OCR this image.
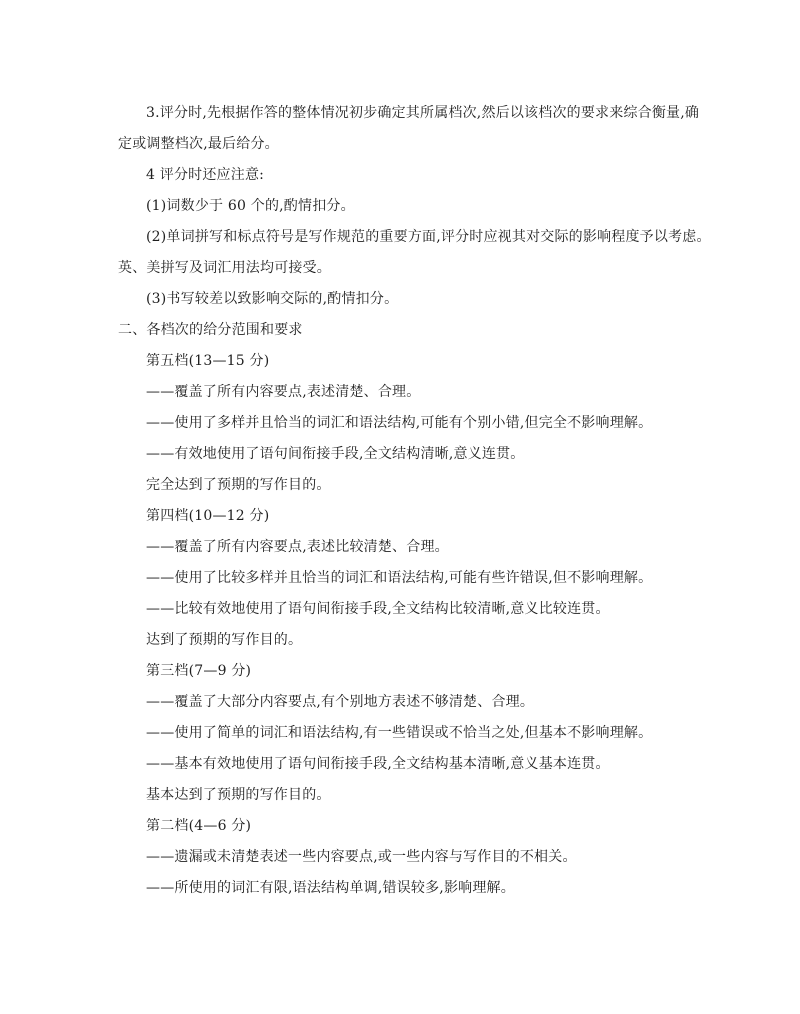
3.评分时,先根据作答的整体情况初步确定其所属档次,然后以该档次的要求来综合衡量,确
定或调整档次,最后给分。
4 评分时还应注意:
(1)词数少于 60 个的,酌情扣分。
(2)单词拼写和标点符号是写作规范的重要方面,评分时应视其对交际的影响程度予以考虑。
英、美拼写及词汇用法均可接受。
(3)书写较差以致影响交际的,酌情扣分。
二、各档次的给分范围和要求
第五档(13—15 分)
——覆盖了所有内容要点,表述清楚、合理。
——使用了多样并且恰当的词汇和语法结构,可能有个别小错,但完全不影响理解。
——有效地使用了语句间衔接手段,全文结构清晰,意义连贯。
完全达到了预期的写作目的。
第四档(10—12 分)
——覆盖了所有内容要点,表述比较清楚、合理。
——使用了比较多样并且恰当的词汇和语法结构,可能有些许错误,但不影响理解。
——比较有效地使用了语句间衔接手段,全文结构比较清晰,意义比较连贯。
达到了预期的写作目的。
第三档(7—9 分)
——覆盖了大部分内容要点,有个别地方表述不够清楚、合理。
——使用了简单的词汇和语法结构,有一些错误或不恰当之处,但基本不影响理解。
——基本有效地使用了语句间衔接手段,全文结构基本清晰,意义基本连贯。
基本达到了预期的写作目的。
第二档(4—6 分)
——遗漏或未清楚表述一些内容要点,或一些内容与写作目的不相关。
——所使用的词汇有限,语法结构单调,错误较多,影响理解。
